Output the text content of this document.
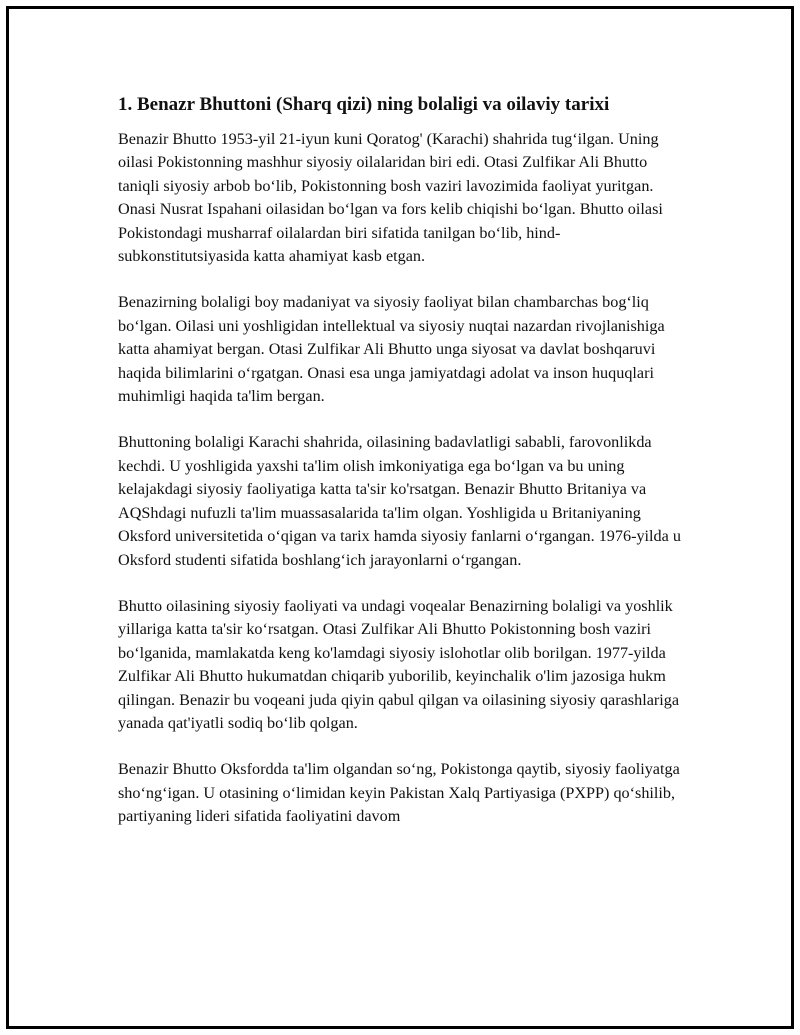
1. Benazr Bhuttoni (Sharq qizi) ning bolaligi va oilaviy tarixi

Benazir Bhutto 1953-yil 21-iyun kuni Qoratog' (Karachi) shahrida tug‘ilgan. Uning oilasi Pokistonning mashhur siyosiy oilalaridan biri edi. Otasi Zulfikar Ali Bhutto taniqli siyosiy arbob bo‘lib, Pokistonning bosh vaziri lavozimida faoliyat yuritgan. Onasi Nusrat Ispahani oilasidan bo‘lgan va fors kelib chiqishi bo‘lgan. Bhutto oilasi Pokistondagi musharraf oilalardan biri sifatida tanilgan bo‘lib, hind-subkonstitutsiyasida katta ahamiyat kasb etgan.

Benazirning bolaligi boy madaniyat va siyosiy faoliyat bilan chambarchas bog‘liq bo‘lgan. Oilasi uni yoshligidan intellektual va siyosiy nuqtai nazardan rivojlanishiga katta ahamiyat bergan. Otasi Zulfikar Ali Bhutto unga siyosat va davlat boshqaruvi haqida bilimlarini o‘rgatgan. Onasi esa unga jamiyatdagi adolat va inson huquqlari muhimligi haqida ta'lim bergan.

Bhuttoning bolaligi Karachi shahrida, oilasining badavlatligi sababli, farovonlikda kechdi. U yoshligida yaxshi ta'lim olish imkoniyatiga ega bo‘lgan va bu uning kelajakdagi siyosiy faoliyatiga katta ta'sir ko'rsatgan. Benazir Bhutto Britaniya va AQShdagi nufuzli ta'lim muassasalarida ta'lim olgan. Yoshligida u Britaniyaning Oksford universitetida o‘qigan va tarix hamda siyosiy fanlarni o‘rgangan. 1976-yilda u Oksford studenti sifatida boshlang‘ich jarayonlarni o‘rgangan.

Bhutto oilasining siyosiy faoliyati va undagi voqealar Benazirning bolaligi va yoshlik yillariga katta ta'sir ko‘rsatgan. Otasi Zulfikar Ali Bhutto Pokistonning bosh vaziri bo‘lganida, mamlakatda keng ko'lamdagi siyosiy islohotlar olib borilgan. 1977-yilda Zulfikar Ali Bhutto hukumatdan chiqarib yuborilib, keyinchalik o'lim jazosiga hukm qilingan. Benazir bu voqeani juda qiyin qabul qilgan va oilasining siyosiy qarashlariga yanada qat'iyatli sodiq bo‘lib qolgan.

Benazir Bhutto Oksfordda ta'lim olgandan so‘ng, Pokistonga qaytib, siyosiy faoliyatga sho‘ng‘igan. U otasining o‘limidan keyin Pakistan Xalq Partiyasiga (PXPP) qo‘shilib, partiyaning lideri sifatida faoliyatini davom
